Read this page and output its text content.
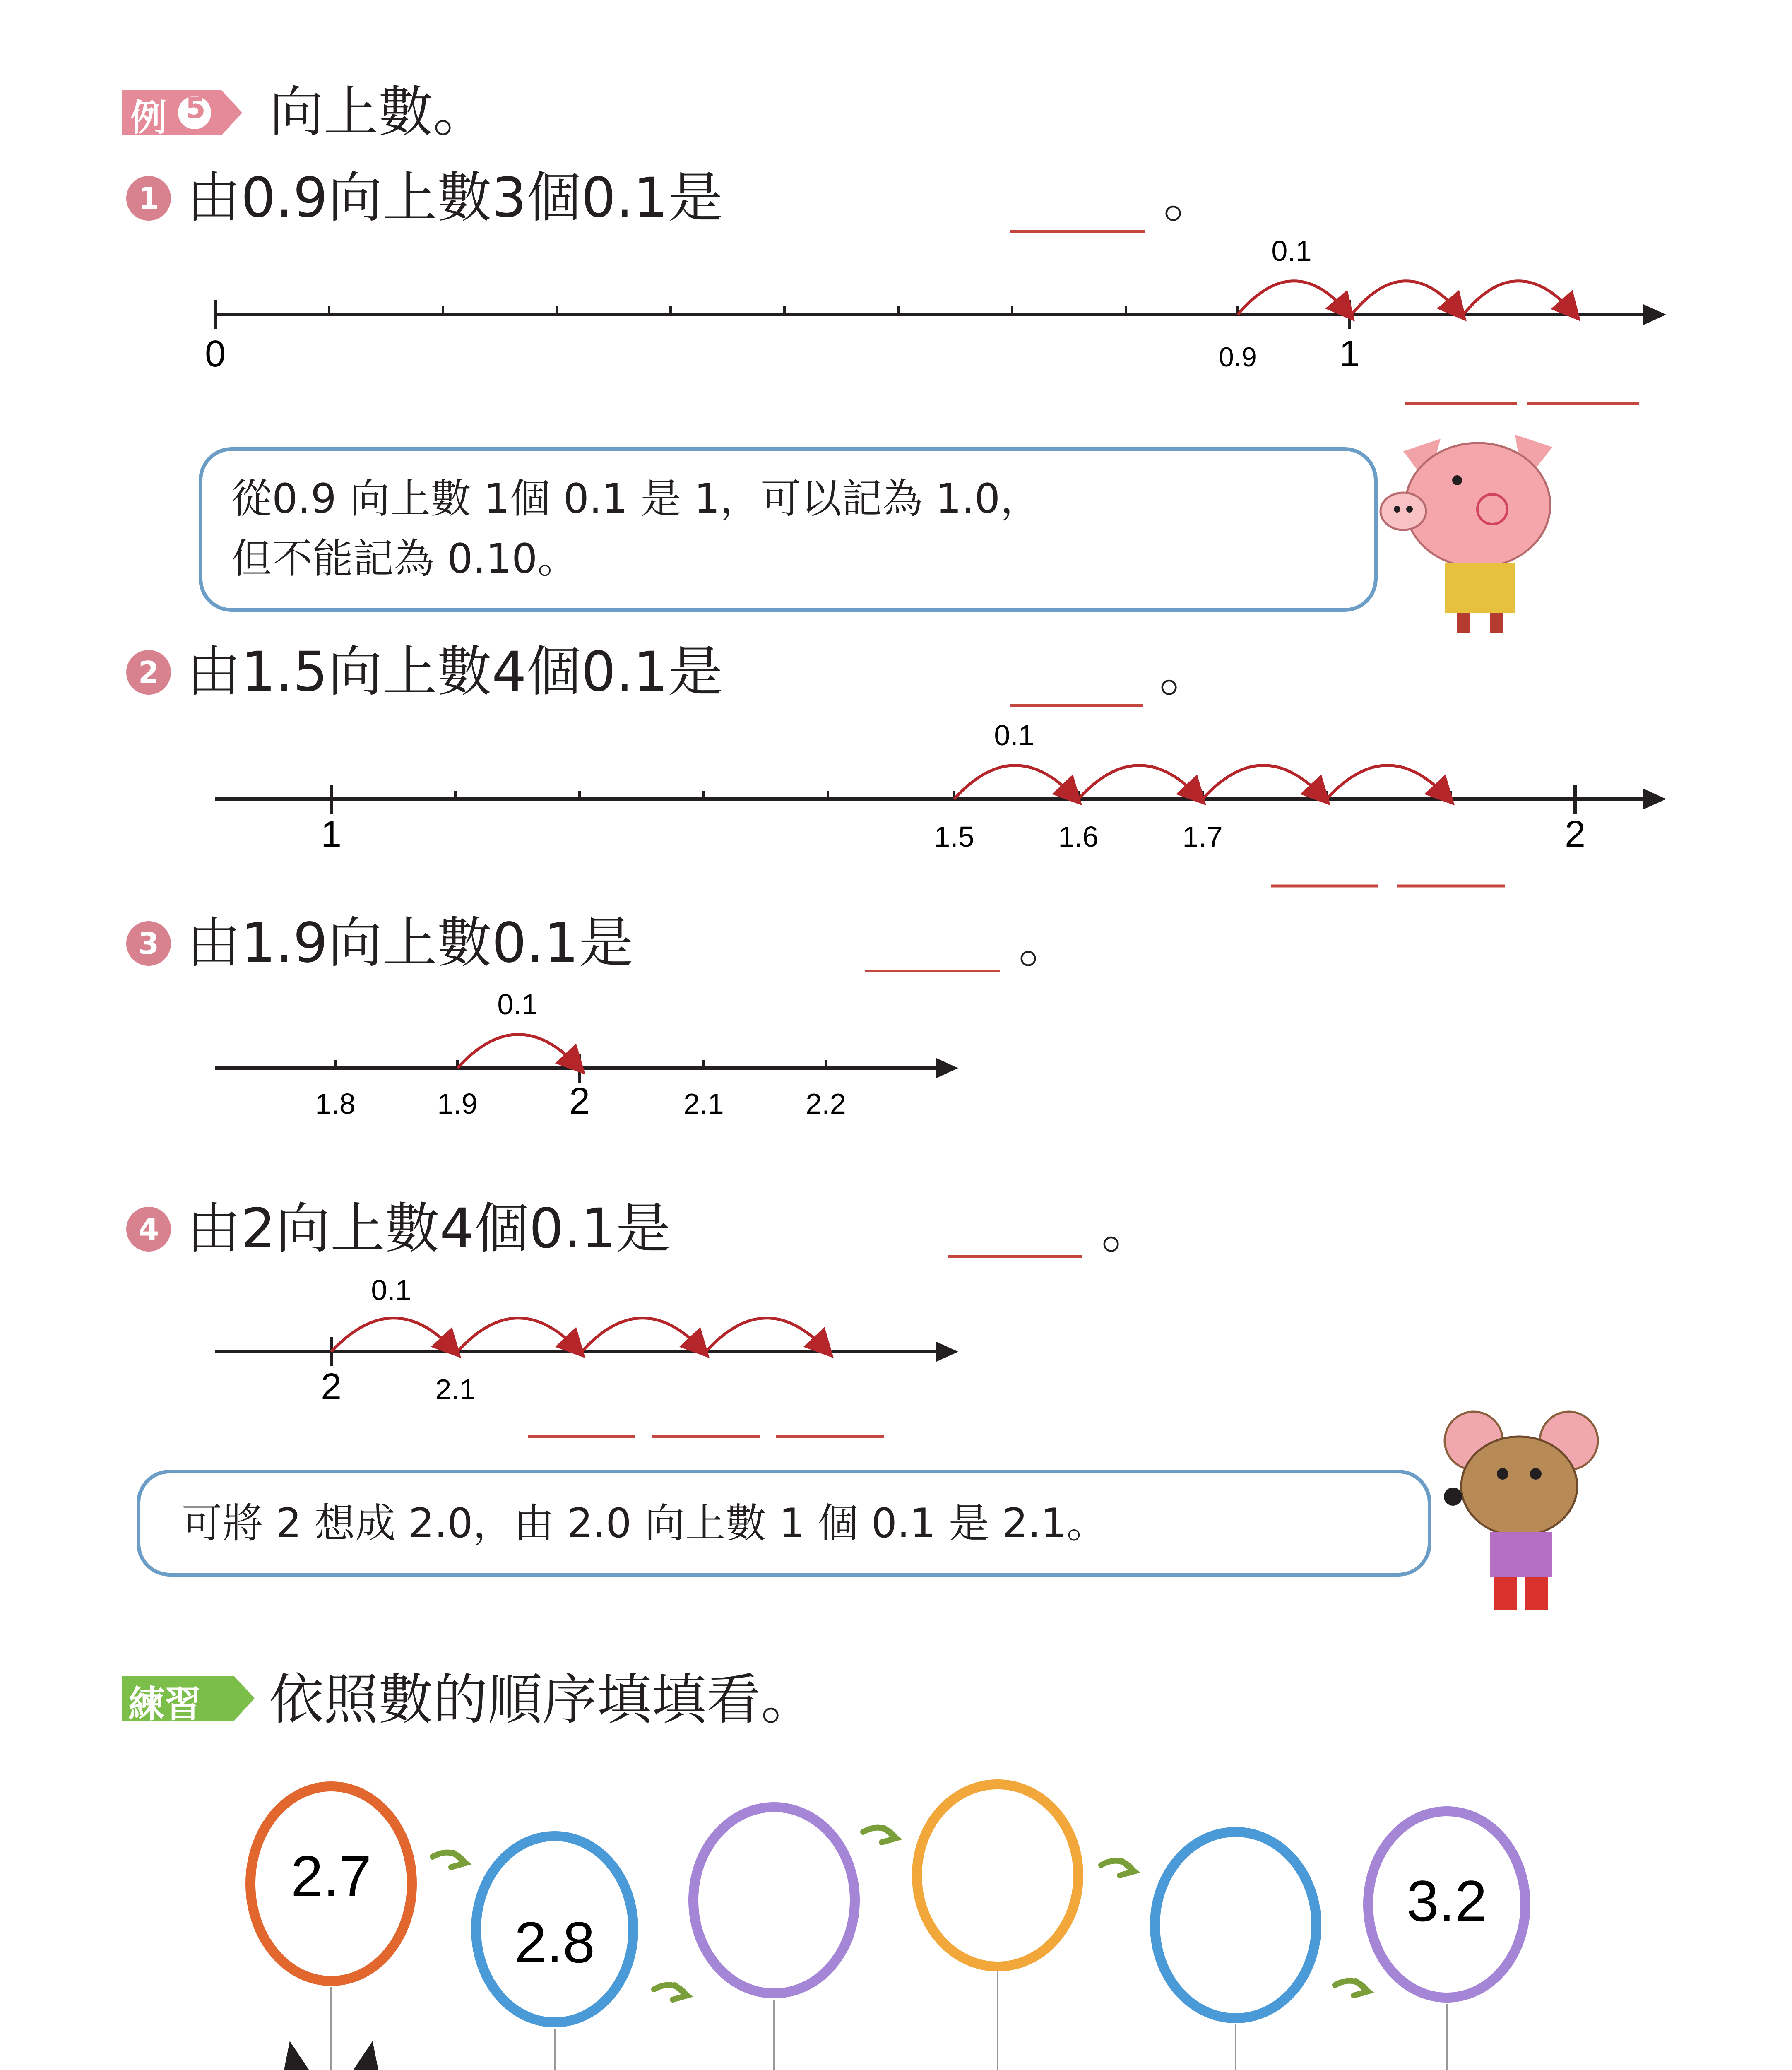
例 5 向上數。
1 由0.9向上數3個0.1是	。
0	0.9 1
0.1
從0.9 向上數 1個 0.1 是 1，可以記為 1.0，
但不能記為 0.10。
2 由1.5向上數4個0.1是	。
1	1.5	1.6	1.7	2
0.1
3 由1.9向上數0.1是	。
1.8	1.9 2	2.1	2.2
0.1
4 由2向上數4個0.1是	。
2	2.1
0.1
可將 2 想成 2.0，由 2.0 向上數 1 個 0.1 是 2.1。
練習 依照數的順序填填看。
2.7
2.8
3.2
